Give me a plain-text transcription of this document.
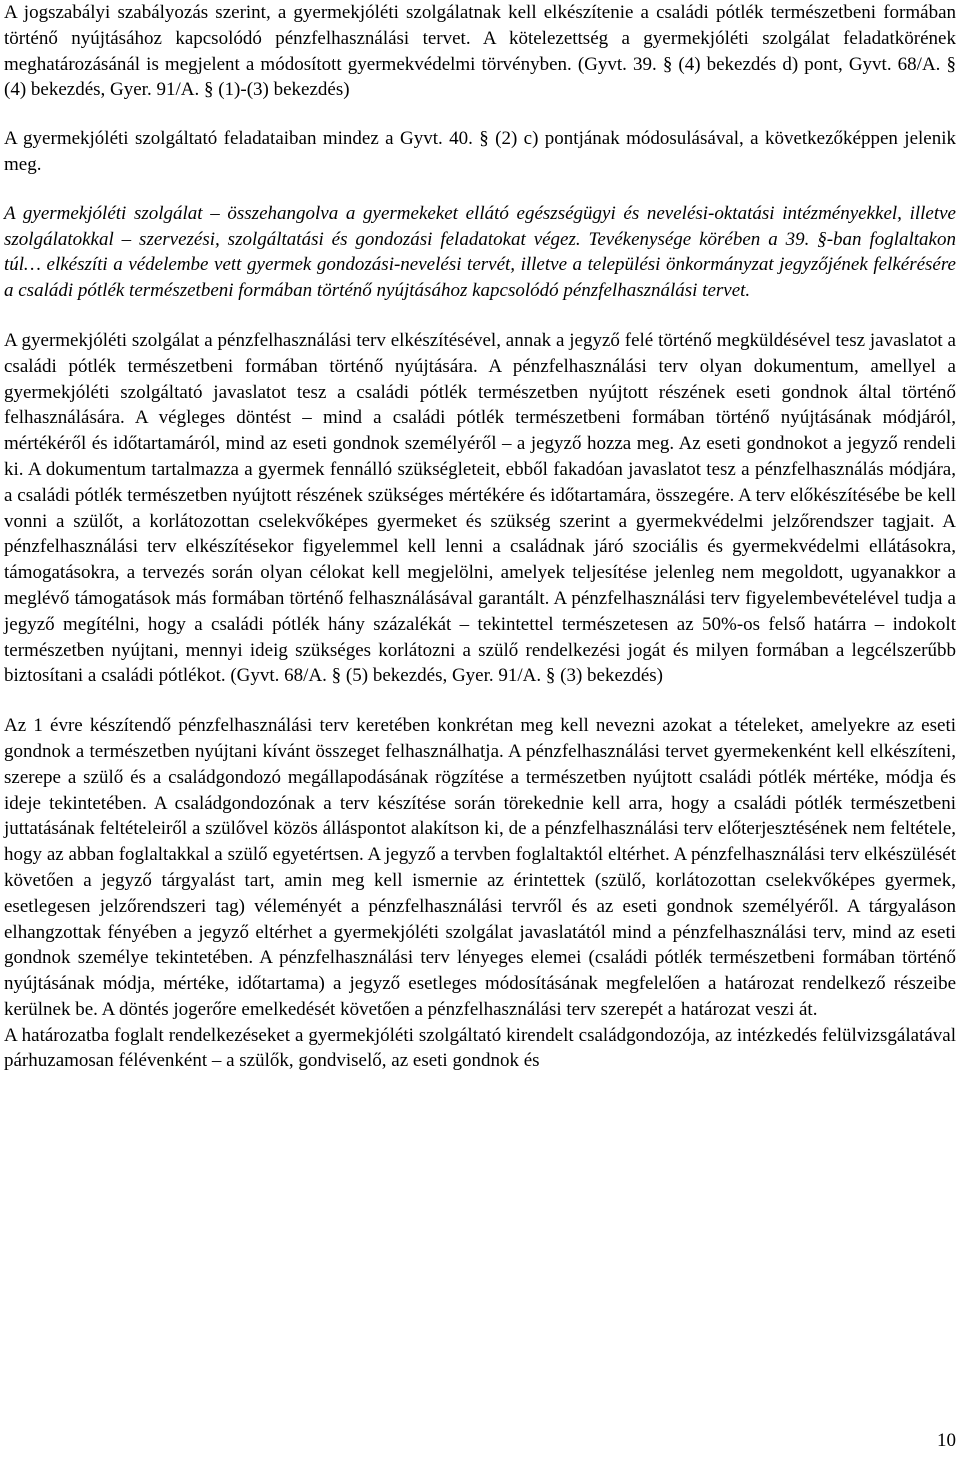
A jogszabályi szabályozás szerint, a gyermekjóléti szolgálatnak kell elkészítenie a családi pótlék természetbeni formában történő nyújtásához kapcsolódó pénzfelhasználási tervet. A kötelezettség a gyermekjóléti szolgálat feladatkörének meghatározásánál is megjelent a módosított gyermekvédelmi törvényben. (Gyvt. 39. § (4) bekezdés d) pont, Gyvt. 68/A. § (4) bekezdés, Gyer. 91/A. § (1)-(3) bekezdés)

A gyermekjóléti szolgáltató feladataiban mindez a Gyvt. 40. § (2) c) pontjának módosulásával, a következőképpen jelenik meg.

A gyermekjóléti szolgálat – összehangolva a gyermekeket ellátó egészségügyi és nevelési-oktatási intézményekkel, illetve szolgálatokkal – szervezési, szolgáltatási és gondozási feladatokat végez. Tevékenysége körében a 39. §-ban foglaltakon túl… elkészíti a védelembe vett gyermek gondozási-nevelési tervét, illetve a települési önkormányzat jegyzőjének felkérésére a családi pótlék természetbeni formában történő nyújtásához kapcsolódó pénzfelhasználási tervet.

A gyermekjóléti szolgálat a pénzfelhasználási terv elkészítésével, annak a jegyző felé történő megküldésével tesz javaslatot a családi pótlék természetbeni formában történő nyújtására. A pénzfelhasználási terv olyan dokumentum, amellyel a gyermekjóléti szolgáltató javaslatot tesz a családi pótlék természetben nyújtott részének eseti gondnok által történő felhasználására. A végleges döntést – mind a családi pótlék természetbeni formában történő nyújtásának módjáról, mértékéről és időtartamáról, mind az eseti gondnok személyéről – a jegyző hozza meg. Az eseti gondnokot a jegyző rendeli ki. A dokumentum tartalmazza a gyermek fennálló szükségleteit, ebből fakadóan javaslatot tesz a pénzfelhasználás módjára, a családi pótlék természetben nyújtott részének szükséges mértékére és időtartamára, összegére. A terv előkészítésébe be kell vonni a szülőt, a korlátozottan cselekvőképes gyermeket és szükség szerint a gyermekvédelmi jelzőrendszer tagjait. A pénzfelhasználási terv elkészítésekor figyelemmel kell lenni a családnak járó szociális és gyermekvédelmi ellátásokra, támogatásokra, a tervezés során olyan célokat kell megjelölni, amelyek teljesítése jelenleg nem megoldott, ugyanakkor a meglévő támogatások más formában történő felhasználásával garantált. A pénzfelhasználási terv figyelembevételével tudja a jegyző megítélni, hogy a családi pótlék hány százalékát – tekintettel természetesen az 50%-os felső határra – indokolt természetben nyújtani, mennyi ideig szükséges korlátozni a szülő rendelkezési jogát és milyen formában a legcélszerűbb biztosítani a családi pótlékot. (Gyvt. 68/A. § (5) bekezdés, Gyer. 91/A. § (3) bekezdés)

Az 1 évre készítendő pénzfelhasználási terv keretében konkrétan meg kell nevezni azokat a tételeket, amelyekre az eseti gondnok a természetben nyújtani kívánt összeget felhasználhatja. A pénzfelhasználási tervet gyermekenként kell elkészíteni, szerepe a szülő és a családgondozó megállapodásának rögzítése a természetben nyújtott családi pótlék mértéke, módja és ideje tekintetében. A családgondozónak a terv készítése során törekednie kell arra, hogy a családi pótlék természetbeni juttatásának feltételeiről a szülővel közös álláspontot alakítson ki, de a pénzfelhasználási terv előterjesztésének nem feltétele, hogy az abban foglaltakkal a szülő egyetértsen. A jegyző a tervben foglaltaktól eltérhet. A pénzfelhasználási terv elkészülését követően a jegyző tárgyalást tart, amin meg kell ismernie az érintettek (szülő, korlátozottan cselekvőképes gyermek, esetlegesen jelzőrendszeri tag) véleményét a pénzfelhasználási tervről és az eseti gondnok személyéről. A tárgyaláson elhangzottak fényében a jegyző eltérhet a gyermekjóléti szolgálat javaslatától mind a pénzfelhasználási terv, mind az eseti gondnok személye tekintetében. A pénzfelhasználási terv lényeges elemei (családi pótlék természetbeni formában történő nyújtásának módja, mértéke, időtartama) a jegyző esetleges módosításának megfelelően a határozat rendelkező részeibe kerülnek be. A döntés jogerőre emelkedését követően a pénzfelhasználási terv szerepét a határozat veszi át.

A határozatba foglalt rendelkezéseket a gyermekjóléti szolgáltató kirendelt családgondozója, az intézkedés felülvizsgálatával párhuzamosan félévenként – a szülők, gondviselő, az eseti gondnok és

10
